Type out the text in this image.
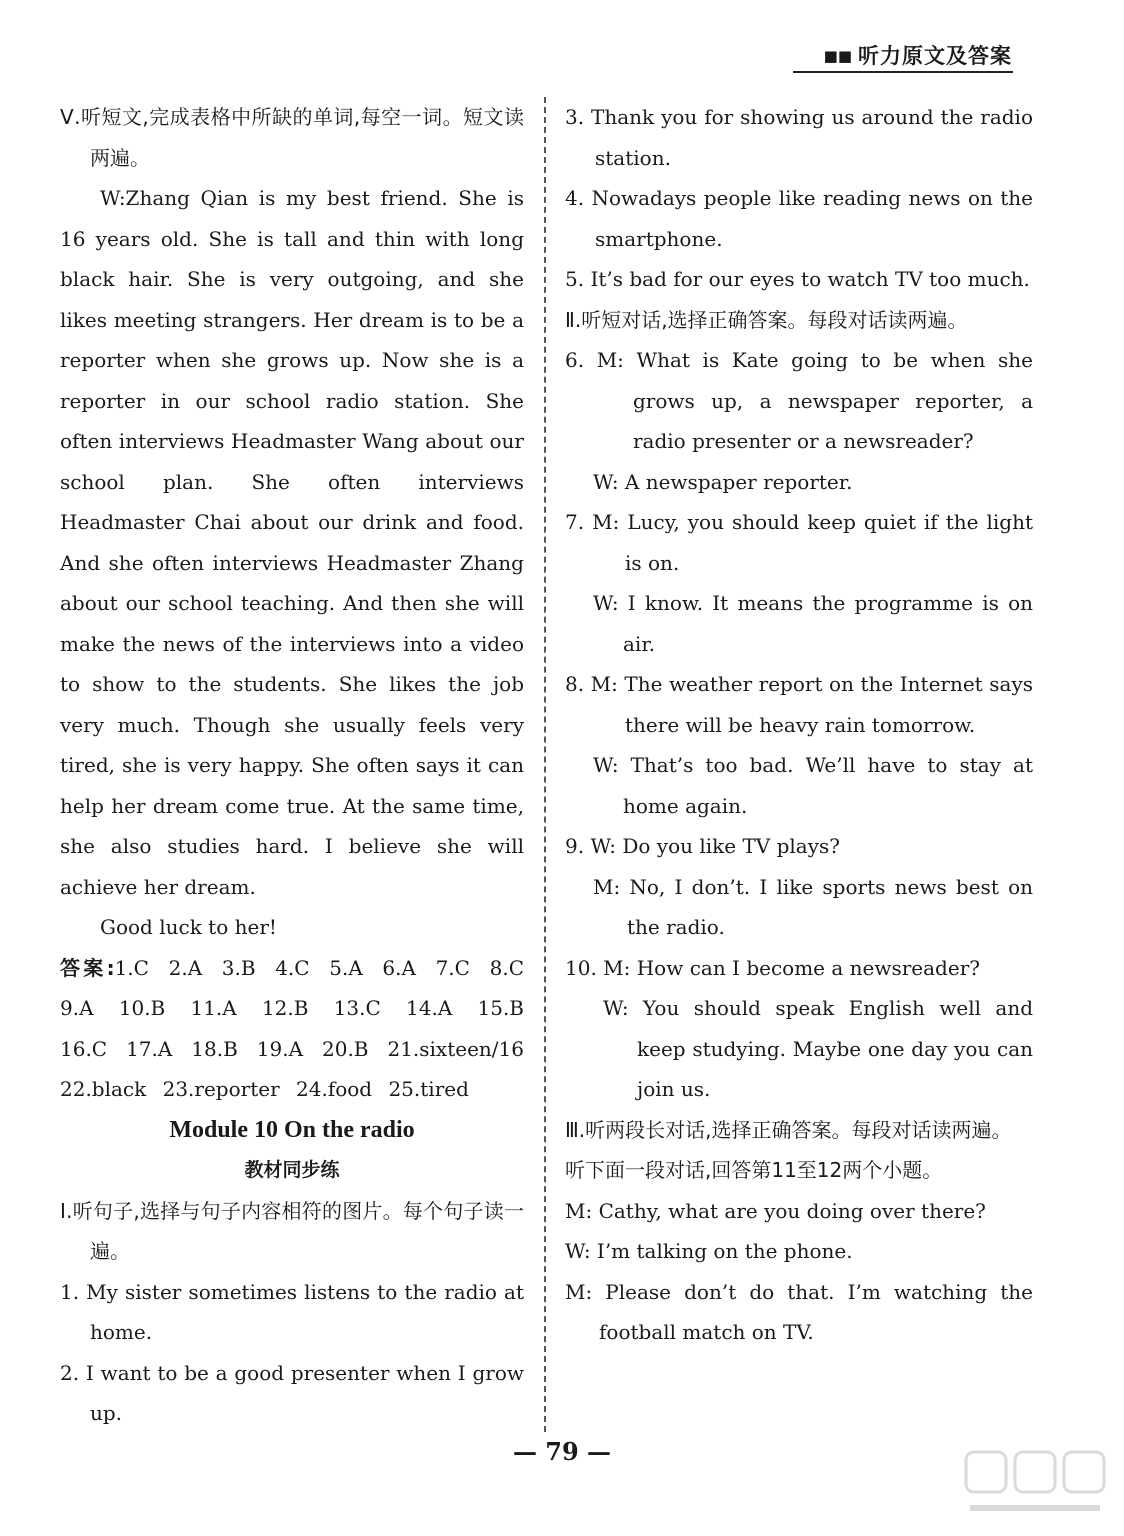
■■ 听力原文及答案

Ⅴ.听短文,完成表格中所缺的单词,每空一词。短文读两遍。

W:Zhang Qian is my best friend. She is 16 years old. She is tall and thin with long black hair. She is very outgoing, and she likes meeting strangers. Her dream is to be a reporter when she grows up. Now she is a reporter in our school radio station. She often interviews Headmaster Wang about our school plan. She often interviews Headmaster Chai about our drink and food. And she often interviews Headmaster Zhang about our school teaching. And then she will make the news of the interviews into a video to show to the students. She likes the job very much. Though she usually feels very tired, she is very happy. She often says it can help her dream come true. At the same time, she also studies hard. I believe she will achieve her dream.

Good luck to her!

答案:1.C 2.A 3.B 4.C 5.A 6.A 7.C 8.C 9.A 10.B 11.A 12.B 13.C 14.A 15.B 16.C 17.A 18.B 19.A 20.B 21.sixteen/16 22.black 23.reporter 24.food 25.tired

Module 10 On the radio

教材同步练

Ⅰ.听句子,选择与句子内容相符的图片。每个句子读一遍。

1. My sister sometimes listens to the radio at home.

2. I want to be a good presenter when I grow up.

3. Thank you for showing us around the radio station.

4. Nowadays people like reading news on the smartphone.

5. It’s bad for our eyes to watch TV too much.

Ⅱ.听短对话,选择正确答案。每段对话读两遍。

6. M: What is Kate going to be when she grows up, a newspaper reporter, a radio presenter or a newsreader?

W: A newspaper reporter.

7. M: Lucy, you should keep quiet if the light is on.

W: I know. It means the programme is on air.

8. M: The weather report on the Internet says there will be heavy rain tomorrow.

W: That’s too bad. We’ll have to stay at home again.

9. W: Do you like TV plays?

M: No, I don’t. I like sports news best on the radio.

10. M: How can I become a newsreader?

W: You should speak English well and keep studying. Maybe one day you can join us.

Ⅲ.听两段长对话,选择正确答案。每段对话读两遍。

听下面一段对话,回答第11至12两个小题。

M: Cathy, what are you doing over there?

W: I’m talking on the phone.

M: Please don’t do that. I’m watching the football match on TV.

— 79 —
